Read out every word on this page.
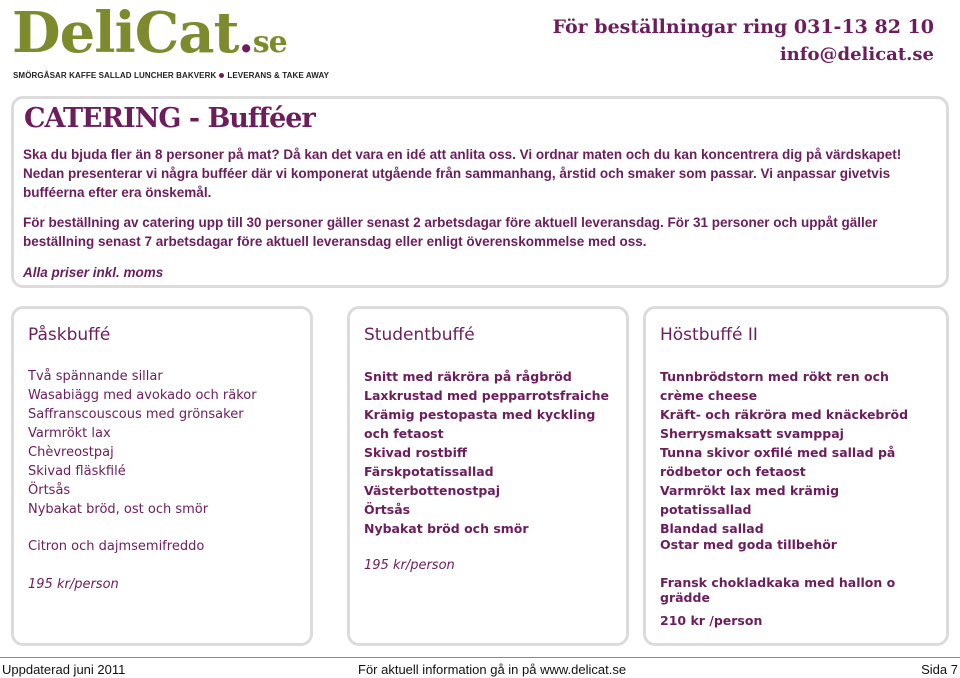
DeliCat.se
SMÖRGÅSAR KAFFE SALLAD LUNCHER BAKVERK LEVERANS & TAKE AWAY
För beställningar ring 031-13 82 10
info@delicat.se
CATERING - Bufféer

Ska du bjuda fler än 8 personer på mat? Då kan det vara en idé att anlita oss. Vi ordnar maten och du kan koncentrera dig på värdskapet! Nedan presenterar vi några bufféer där vi komponerat utgående från sammanhang, årstid och smaker som passar. Vi anpassar givetvis bufféerna efter era önskemål.

För beställning av catering upp till 30 personer gäller senast 2 arbetsdagar före aktuell leveransdag. För 31 personer och uppåt gäller beställning senast 7 arbetsdagar före aktuell leveransdag eller enligt överenskommelse med oss.

Alla priser inkl. moms

Påskbuffé
Två spännande sillar
Wasabiägg med avokado och räkor
Saffranscouscous med grönsaker
Varmrökt lax
Chèvreostpaj
Skivad fläskfilé
Örtsås
Nybakat bröd, ost och smör
Citron och dajmsemifreddo
195 kr/person
Studentbuffé
Snitt med räkröra på rågbröd
Laxkrustad med pepparrotsfraiche
Krämig pestopasta med kyckling och fetaost
Skivad rostbiff
Färskpotatissallad
Västerbottenostpaj
Örtsås
Nybakat bröd och smör
195 kr/person
Höstbuffé II
Tunnbrödstorn med rökt ren och crème cheese
Kräft- och räkröra med knäckebröd
Sherrysmaksatt svamppaj
Tunna skivor oxfilé med sallad på rödbetor och fetaost
Varmrökt lax med krämig potatissallad
Blandad sallad
Ostar med goda tillbehör
Fransk chokladkaka med hallon o grädde
210 kr /person
Uppdaterad juni 2011	För aktuell information gå in på www.delicat.se	Sida 7
